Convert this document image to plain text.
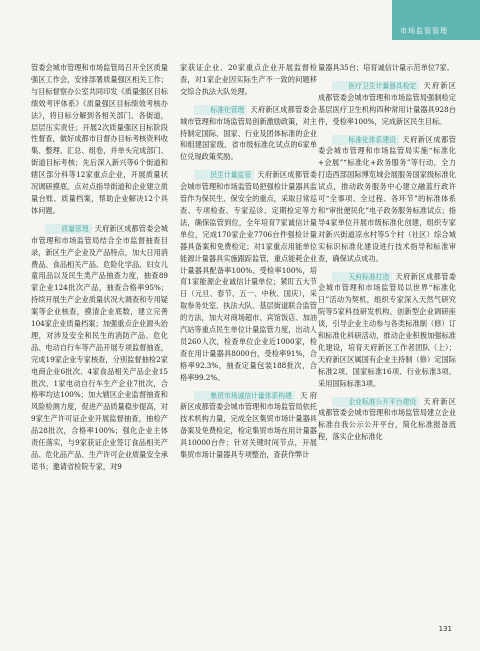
市场监管管理

管委会城市管理和市场监管局召开全区质量强区工作会，安排部署质量强区相关工作；与目标督察办公室共同印发《质量强区目标绩效考评体系》《质量强区目标绩效考核办法》，将目标分解到各相关部门、各街道，层层压实责任；开展2次质量强区目标阶段性督查，做好成都市目督办目标考核资料收集、整理、汇总、组卷，并单头完成部门、街道目标考核；先后深入新兴等6个街道和辖区部分科等12家重点企业，开展质量状况调研摸底，点对点指导街道和企业建立质量台账、质量档案，帮助企业解决12个具体问题。

质量管理 天府新区成都管委会城市管理和市场监管局结合全市监督抽查目录，新区生产企业及产品特点，加大日用消费品、食品相关产品、危险化学品、妇女儿童用品以及民生类产品抽查力度，抽查89家企业124批次产品，抽查合格率95%；持续开展生产企业质量状况大调查和专用疑案等企业核查，摸清企业底数，建立完善104家企业质量档案；加强重点企业源头治理，对涉及安全和民生的消防产品、危化品、电动自行车等产品开展专项监督抽查，完成19家企业专家核查，分别监督抽检2家电商企业6批次、4家食品相关产品企业15批次、1家电动自行车生产企业7批次，合格率均达100%；加大辖区企业监督抽查和风险检测力度，促进产品质量稳步提高，对9家生产许可证企业开展监督抽查，抽检产品28批次，合格率100%；强化企业主体责任落实，与9家获证企业签订食品相关产品、危化品产品、生产许可企业质量安全承诺书；邀请省检院专家，对9

家获证企业、20家重点企业开展监督检查，对1家企业因实际生产不一致的问题移交综合执法大队处理。

标准化管理 天府新区成都管委会城市管理和市场监管局创新激励政策，对主持制定国际、国家、行业及团体标准的企业和组建国家级、省市级标准化试点的6家单位兑现政策奖励。

民生计量监管 天府新区成都管委会城市管理和市场监管局把强检计量器具监管作为保民生、保安全的重点，采取日常巡查、专项检查、专家巡诊、定期检定等方法，确保监管到位，全年培育7家诚信计量单位，完成170家企业7706台件强检计量器具备案和免费检定；对1家重点用能单位能源计量器具实施跟踪监管，重点能耗企业计量器具配备率100%、受检率100%，培育1家能源企业诚信计量单位；紧盯五大节日（元旦、春节、五一、中秋、国庆），采取参务处室、执法大队、基层街道联合监管的方法，加大对商场超市、宾馆饭店、加油汽站等重点民生单位计量监管力度，出动人员260人次，检查单位企业近1000家，检查在用计量器具8000台，受检率91%，合格率92.3%，抽查定量包装188批次，合格率99.2%。

集贸市场诚信计量体系构建 天府新区成都管委会城市管理和市场监管局依托技术机构力量，完成全区集贸市场计量器具备案及免费检定，检定集贸市场在用计量器具10000台件；针对关键时间节点，开展集贸市场计量器具专项整治，查获作弊计

量器具35台；培育诚信计量示范单位7家。

医疗卫生计量器具检定 天府新区成都管委会城市管理和市场监管局强制检定基层医疗卫生机构四种常用计量器具928台件，受检率100%，完成新区民生目标。

标准化体系建设 天府新区成都管委会城市管理和市场监管局实施“标准化+会展”“标准化+政务服务”等行动，全力打造西部国际博览城会展服务国家级标准化试点，推动政务服务中心建立融蓝行政许可“全事项、全过程、各环节”的标准体系和“审批便民化”电子政务服务标准试点；指导4家单位开展市级标准化创建，组织专家对新兴街道凉水村等5个村（社区）综合城实标识标准化建设进行技术指导和标准审查，确保试点成功。

天府标准打造 天府新区成都管委会城市管理和市场监管局以世界“标准化日”活动为契机，组织专家深入天然气研究院等5家科技研发机构、创新型企业调研座谈，引导企业主动参与各类标准制（修）订和标准化科研活动，推动企业积极加强标准化建设，培育天府新区工作者团队（上）；天府新区区属国有企业主持制（修）定国际标准2项、国家标准16项、行业标准3项、采用国际标准3项。

企业标准公开平台建设 天府新区成都管委会城市管理和市场监管局建立企业标准自我公示公开平台，简化标准报备流程，落实企业标准化

131
